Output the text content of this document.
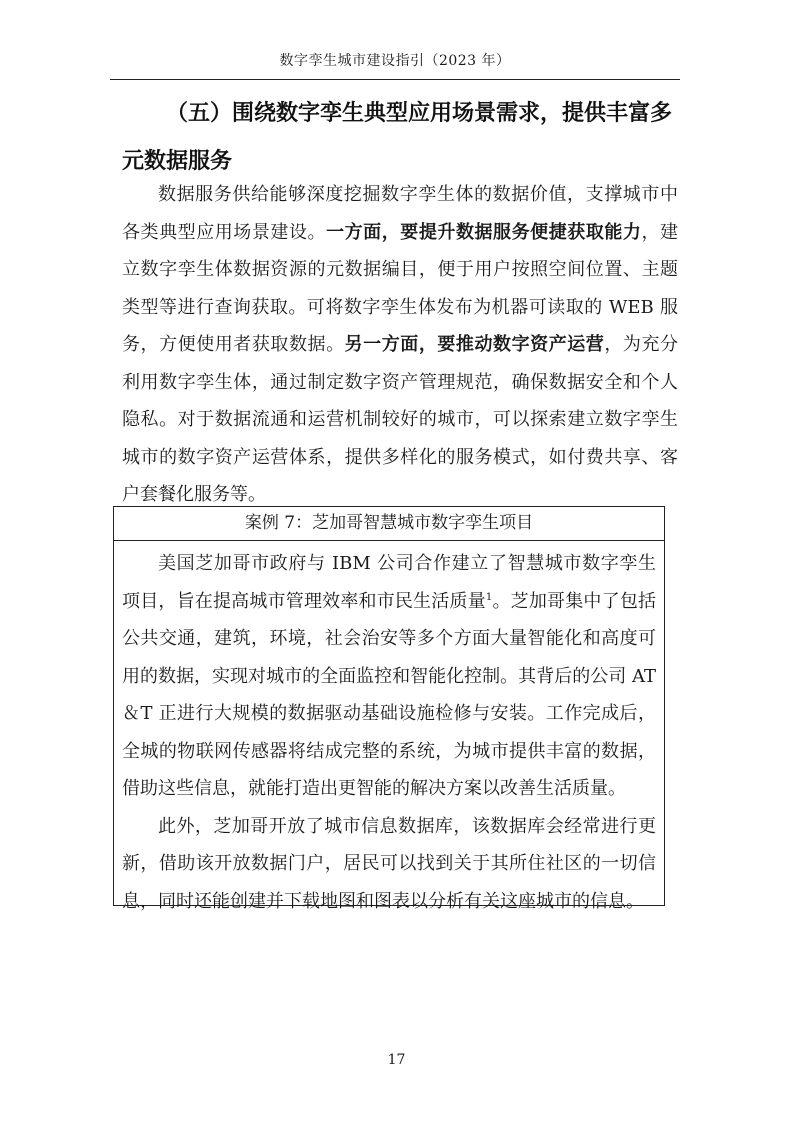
数字孪生城市建设指引（2023 年）
（五）围绕数字孪生典型应用场景需求，提供丰富多元数据服务
数据服务供给能够深度挖掘数字孪生体的数据价值，支撑城市中各类典型应用场景建设。一方面，要提升数据服务便捷获取能力，建立数字孪生体数据资源的元数据编目，便于用户按照空间位置、主题类型等进行查询获取。可将数字孪生体发布为机器可读取的 WEB 服务，方便使用者获取数据。另一方面，要推动数字资产运营，为充分利用数字孪生体，通过制定数字资产管理规范，确保数据安全和个人隐私。对于数据流通和运营机制较好的城市，可以探索建立数字孪生城市的数字资产运营体系，提供多样化的服务模式，如付费共享、客户套餐化服务等。
案例 7：芝加哥智慧城市数字孪生项目

美国芝加哥市政府与 IBM 公司合作建立了智慧城市数字孪生项目，旨在提高城市管理效率和市民生活质量$^1$。芝加哥集中了包括公共交通，建筑，环境，社会治安等多个方面大量智能化和高度可用的数据，实现对城市的全面监控和智能化控制。其背后的公司 AT＆T 正进行大规模的数据驱动基础设施检修与安装。工作完成后，全城的物联网传感器将结成完整的系统，为城市提供丰富的数据，借助这些信息，就能打造出更智能的解决方案以改善生活质量。

此外，芝加哥开放了城市信息数据库，该数据库会经常进行更新，借助该开放数据门户，居民可以找到关于其所住社区的一切信息，同时还能创建并下载地图和图表以分析有关这座城市的信息。

17
